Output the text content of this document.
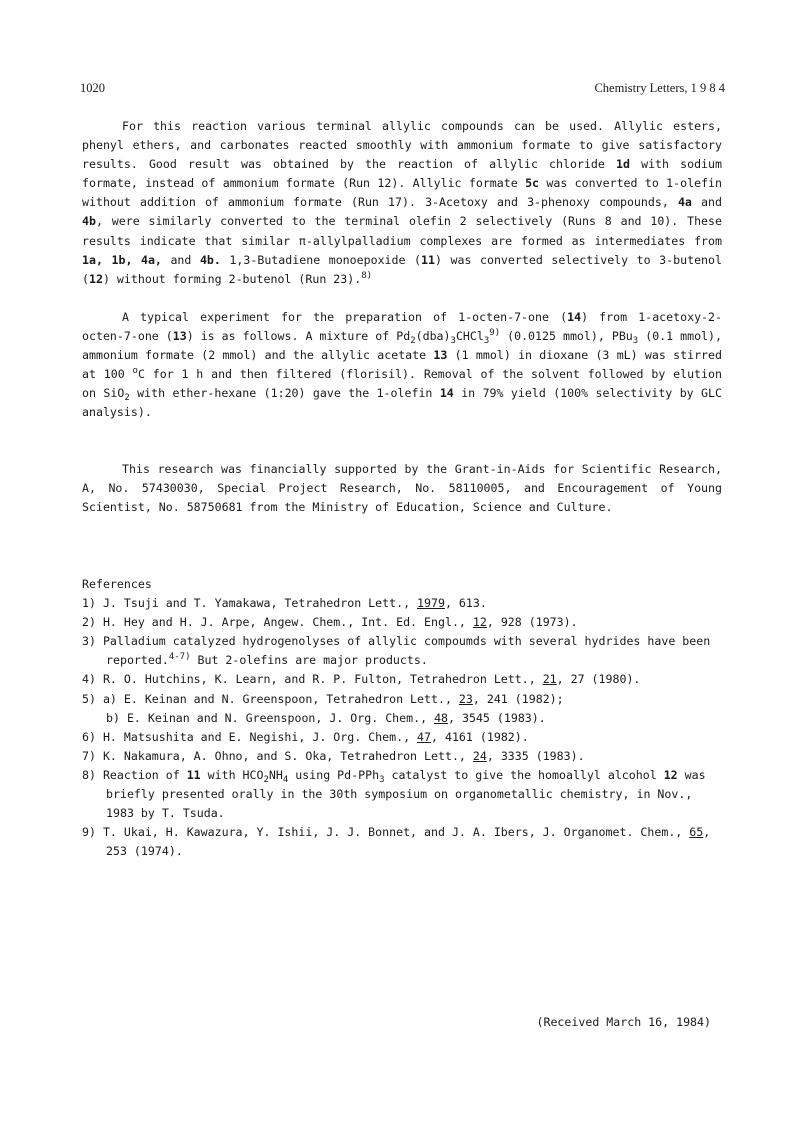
1020	Chemistry Letters, 1 9 8 4

For this reaction various terminal allylic compounds can be used. Allylic esters, phenyl ethers, and carbonates reacted smoothly with ammonium formate to give satisfactory results. Good result was obtained by the reaction of allylic chloride 1d with sodium formate, instead of ammonium formate (Run 12). Allylic formate 5c was converted to 1-olefin without addition of ammonium formate (Run 17). 3-Acetoxy and 3-phenoxy compounds, 4a and 4b, were similarly converted to the terminal olefin 2 selectively (Runs 8 and 10). These results indicate that similar π-allylpalladium complexes are formed as intermediates from 1a, 1b, 4a, and 4b. 1,3-Butadiene monoepoxide (11) was converted selectively to 3-butenol (12) without forming 2-butenol (Run 23).$^{8)}$

A typical experiment for the preparation of 1-octen-7-one (14) from 1-acetoxy-2-octen-7-one (13) is as follows. A mixture of $Pd_2(dba)_3CHCl_3^{9)}$ (0.0125 mmol), PBu$_3$ (0.1 mmol), ammonium formate (2 mmol) and the allylic acetate 13 (1 mmol) in dioxane (3 mL) was stirred at 100 $^o$C for 1 h and then filtered (florisil). Removal of the solvent followed by elution on SiO$_2$ with ether-hexane (1:20) gave the 1-olefin 14 in 79% yield (100% selectivity by GLC analysis).

This research was financially supported by the Grant-in-Aids for Scientific Research, A, No. 57430030, Special Project Research, No. 58110005, and Encouragement of Young Scientist, No. 58750681 from the Ministry of Education, Science and Culture.

References

1) J. Tsuji and T. Yamakawa, Tetrahedron Lett., 1979, 613.
2) H. Hey and H. J. Arpe, Angew. Chem., Int. Ed. Engl., 12, 928 (1973).
3) Palladium catalyzed hydrogenolyses of allylic compoumds with several hydrides have been reported.$^{4-7)}$ But 2-olefins are major products.
4) R. O. Hutchins, K. Learn, and R. P. Fulton, Tetrahedron Lett., 21, 27 (1980).
5) a) E. Keinan and N. Greenspoon, Tetrahedron Lett., 23, 241 (1982);
b) E. Keinan and N. Greenspoon, J. Org. Chem., 48, 3545 (1983).
6) H. Matsushita and E. Negishi, J. Org. Chem., 47, 4161 (1982).
7) K. Nakamura, A. Ohno, and S. Oka, Tetrahedron Lett., 24, 3335 (1983).
8) Reaction of 11 with $HCO_2NH_4$ using Pd-PPh$_3$ catalyst to give the homoallyl alcohol 12 was briefly presented orally in the 30th symposium on organometallic chemistry, in Nov., 1983 by T. Tsuda.
9) T. Ukai, H. Kawazura, Y. Ishii, J. J. Bonnet, and J. A. Ibers, J. Organomet. Chem., 65, 253 (1974).
(Received March 16, 1984)
